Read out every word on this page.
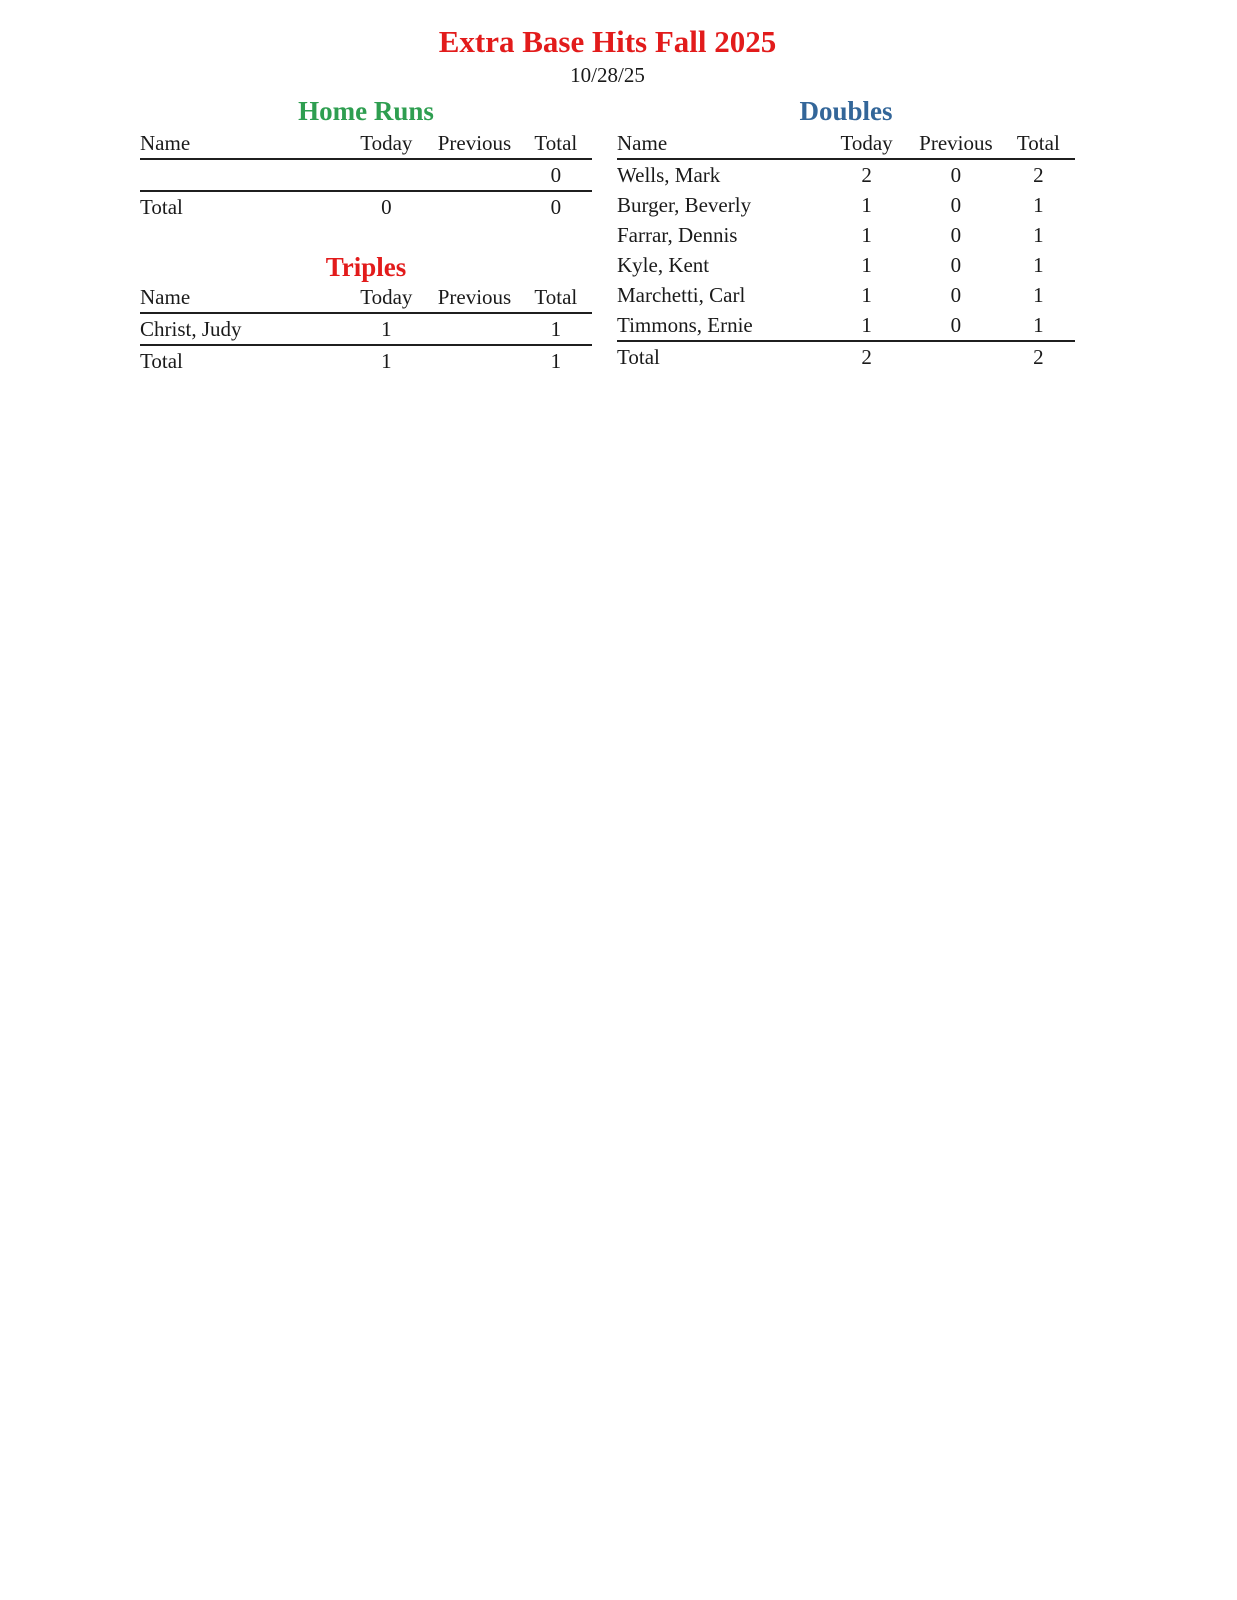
Extra Base Hits Fall 2025
10/28/25
Home Runs
Name	Today	Previous	Total
			0
Total	0		0
Triples
Name	Today	Previous	Total
Christ, Judy	1		1
Total	1		1
Doubles
Name	Today	Previous	Total
Wells, Mark	2	0	2
Burger, Beverly	1	0	1
Farrar, Dennis	1	0	1
Kyle, Kent	1	0	1
Marchetti, Carl	1	0	1
Timmons, Ernie	1	0	1
Total	2		2
